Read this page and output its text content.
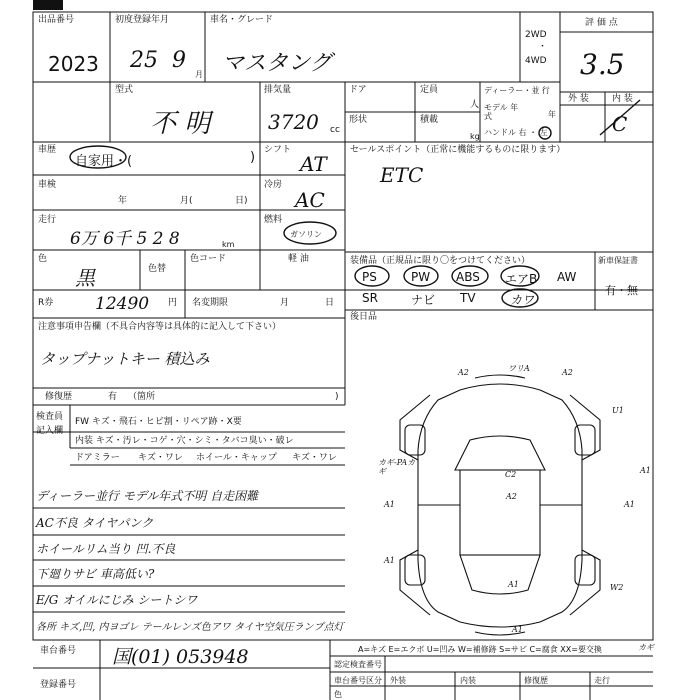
出品番号
2023
初度登録年月
25 9
月
車名・グレード
マスタング
2WD
・
4WD
評 価 点
3.5
外 装	内 装
C
型式
不 明
排気量
3720 cc
ドア	定員
人
形状	積載
kg
ディーラー・並 行
モデル 年式	年
ハンドル 右 ・ 左
車歴
自家用・(	) シフト
AT
セールスポイント（正常に機能するものに限ります）
ETC
車検
年	月(	日)
冷房
AC
走行
6万 6千 5 2 8	km
燃料
ガソリン
色
黒	色替
色コード	軽 油	装備品（正規品に限り〇をつけてください）	新車保証書
PS	PW ABS エアB AW
SR	ナビ TV	カワ
有・無
R券 12490 円 名変期限	月	日
後日品
注意事項申告欄（不具合内容等は具体的に記入して下さい）
タップナットキー 積込み
修復歴	有 （箇所	)
検査員 記入欄
FW キズ・飛石・ヒビ割・リペア跡・X要
内装 キズ・汚レ・コゲ・穴・シミ・タバコ臭い・破レ
ドアミラー キズ・ワレ ホイール・キャップ キズ・ワレ
ディーラー並行 モデル年式不明 自走困難
AC不良 タイヤパンク
ホイールリム当り 凹.不良
下廻りサビ 車高低い?
E/G オイルにじみ シートシワ
各所 キズ,凹, 内ヨゴレ テールレンズ色アワ タイヤ空気圧ランプ点灯
A2	ワリA	A2
U1
カギ-PAカギ	C2	A1
A2
A1	A1
A1
A1	W2
A1
車台番号 国(01) 053948
登録番号
A=キズ E=エクボ U=凹み W=補修跡 S=サビ C=腐食 XX=要交換	カギ
認定検査番号
車台番号区分 外装	内装	修復歴	走行
色
